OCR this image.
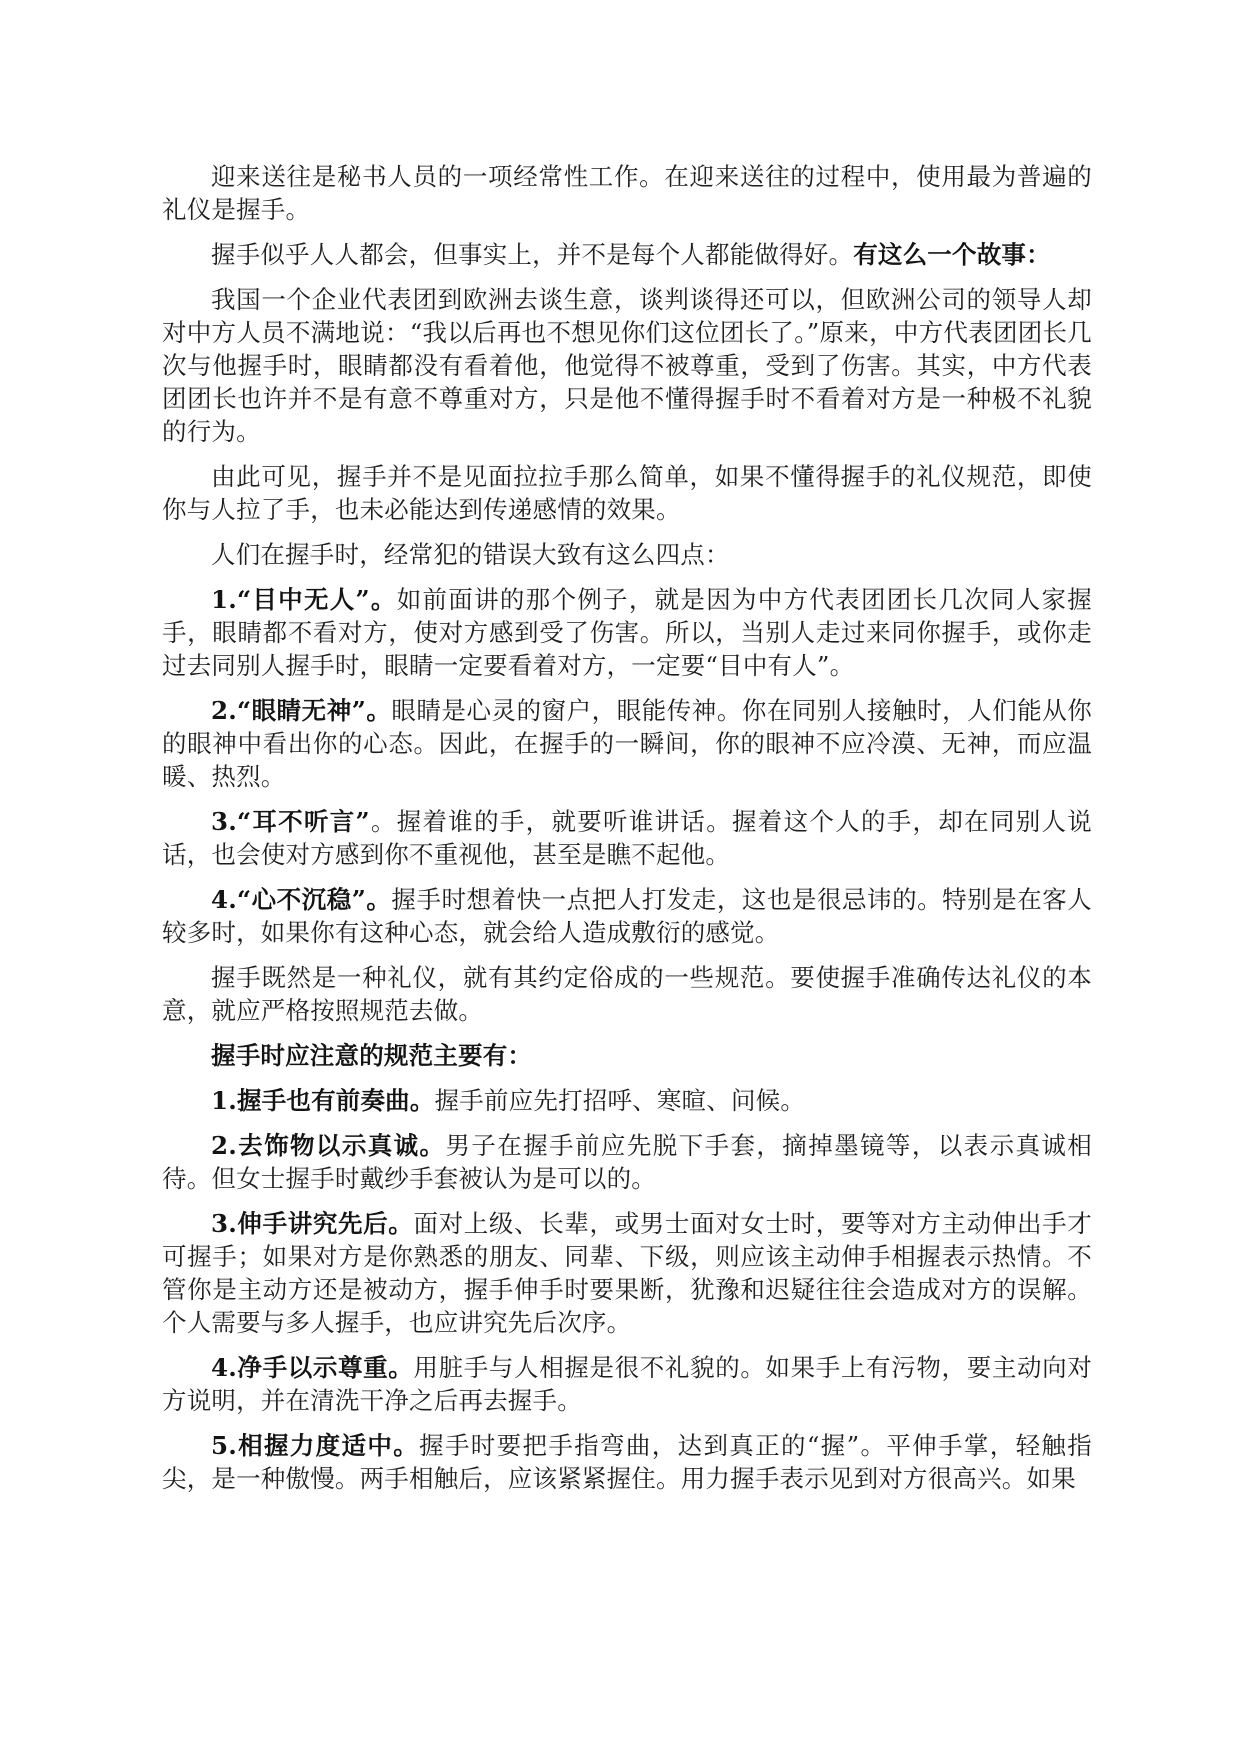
迎来送往是秘书人员的一项经常性工作。在迎来送往的过程中，使用最为普遍的礼仪是握手。

握手似乎人人都会，但事实上，并不是每个人都能做得好。有这么一个故事：

我国一个企业代表团到欧洲去谈生意，谈判谈得还可以，但欧洲公司的领导人却对中方人员不满地说：“我以后再也不想见你们这位团长了。”原来，中方代表团团长几次与他握手时，眼睛都没有看着他，他觉得不被尊重，受到了伤害。其实，中方代表团团长也许并不是有意不尊重对方，只是他不懂得握手时不看着对方是一种极不礼貌的行为。

由此可见，握手并不是见面拉拉手那么简单，如果不懂得握手的礼仪规范，即使你与人拉了手，也未必能达到传递感情的效果。

人们在握手时，经常犯的错误大致有这么四点：

1.“目中无人”。如前面讲的那个例子，就是因为中方代表团团长几次同人家握手，眼睛都不看对方，使对方感到受了伤害。所以，当别人走过来同你握手，或你走过去同别人握手时，眼睛一定要看着对方，一定要“目中有人”。

2.“眼睛无神”。眼睛是心灵的窗户，眼能传神。你在同别人接触时，人们能从你的眼神中看出你的心态。因此，在握手的一瞬间，你的眼神不应冷漠、无神，而应温暖、热烈。

3.“耳不听言”。握着谁的手，就要听谁讲话。握着这个人的手，却在同别人说话，也会使对方感到你不重视他，甚至是瞧不起他。

4.“心不沉稳”。握手时想着快一点把人打发走，这也是很忌讳的。特别是在客人较多时，如果你有这种心态，就会给人造成敷衍的感觉。

握手既然是一种礼仪，就有其约定俗成的一些规范。要使握手准确传达礼仪的本意，就应严格按照规范去做。

握手时应注意的规范主要有：

1.握手也有前奏曲。握手前应先打招呼、寒暄、问候。

2.去饰物以示真诚。男子在握手前应先脱下手套，摘掉墨镜等，以表示真诚相待。但女士握手时戴纱手套被认为是可以的。

3.伸手讲究先后。面对上级、长辈，或男士面对女士时，要等对方主动伸出手才可握手；如果对方是你熟悉的朋友、同辈、下级，则应该主动伸手相握表示热情。不管你是主动方还是被动方，握手伸手时要果断，犹豫和迟疑往往会造成对方的误解。个人需要与多人握手，也应讲究先后次序。

4.净手以示尊重。用脏手与人相握是很不礼貌的。如果手上有污物，要主动向对方说明，并在清洗干净之后再去握手。

5.相握力度适中。握手时要把手指弯曲，达到真正的“握”。平伸手掌，轻触指尖，是一种傲慢。两手相触后，应该紧紧握住。用力握手表示见到对方很高兴。如果
